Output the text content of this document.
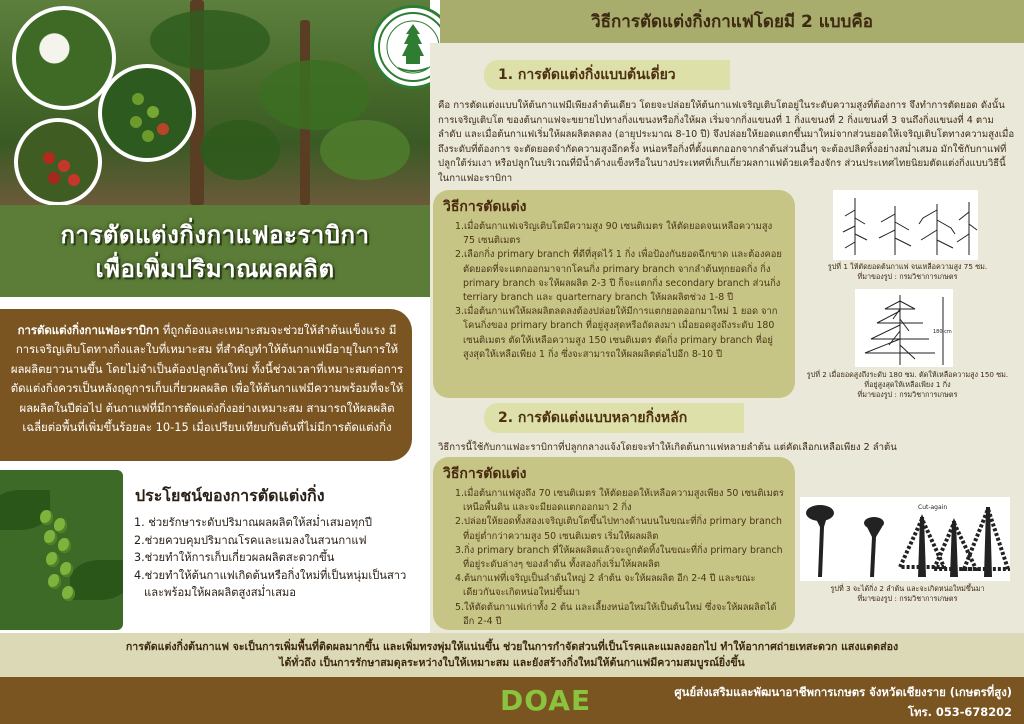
การตัดแต่งกิ่งกาแฟอะราบิกา
เพื่อเพิ่มปริมาณผลผลิต
การตัดแต่งกิ่งกาแฟอะราบิกา ที่ถูกต้องและเหมาะสมจะช่วยให้ลำต้นแข็งแรง มีการเจริญเติบโตทางกิ่งและใบที่เหมาะสม ที่สำคัญทำให้ต้นกาแฟมีอายุในการให้ผลผลิตยาวนานขึ้น โดยไม่จำเป็นต้องปลูกต้นใหม่ ทั้งนี้ช่วงเวลาที่เหมาะสมต่อการตัดแต่งกิ่งควรเป็นหลังฤดูการเก็บเกี่ยวผลผลิต เพื่อให้ต้นกาแฟมีความพร้อมที่จะให้ผลผลิตในปีต่อไป ต้นกาแฟที่มีการตัดแต่งกิ่งอย่างเหมาะสม สามารถให้ผลผลิตเฉลี่ยต่อพื้นที่เพิ่มขึ้นร้อยละ 10-15 เมื่อเปรียบเทียบกับต้นที่ไม่มีการตัดแต่งกิ่ง
ประโยชน์ของการตัดแต่งกิ่ง
1. ช่วยรักษาระดับปริมาณผลผลิตให้สม่ำเสมอทุกปี
2.ช่วยควบคุมปริมาณโรคและแมลงในสวนกาแฟ
3.ช่วยทำให้การเก็บเกี่ยวผลผลิตสะดวกขึ้น
4.ช่วยทำให้ต้นกาแฟเกิดต้นหรือกิ่งใหม่ที่เป็นหนุ่มเป็นสาว และพร้อมให้ผลผลิตสูงสม่ำเสมอ
วิธีการตัดแต่งกิ่งกาแฟโดยมี 2 แบบคือ
1. การตัดแต่งกิ่งแบบต้นเดี่ยว
คือ การตัดแต่งแบบให้ต้นกาแฟมีเพียงลำต้นเดียว โดยจะปล่อยให้ต้นกาแฟเจริญเติบโตอยู่ในระดับความสูงที่ต้องการ จึงทำการตัดยอด ดังนั้น การเจริญเติบโต ของต้นกาแฟจะขยายไปทางกิ่งแขนงหรือกิ่งให้ผล เริ่มจากกิ่งแขนงที่ 1 กิ่งแขนงที่ 2 กิ่งแขนงที่ 3 จนถึงกิ่งแขนงที่ 4 ตามลำดับ และเมื่อต้นกาแฟเริ่มให้ผลผลิตลดลง (อายุประมาณ 8-10 ปี) จึงปล่อยให้ยอดแตกขึ้นมาใหม่จากส่วนยอดให้เจริญเติบโตทางความสูงเมื่อถึงระดับที่ต้องการ จะตัดยอดจำกัดความสูงอีกครั้ง หน่อหรือกิ่งที่ตั้งแตกออกจากลำต้นส่วนอื่นๆ จะต้องปลิดทิ้งอย่างสม่ำเสมอ มักใช้กับกาแฟที่ปลูกใต้ร่มเงา หรือปลูกในบริเวณที่มีน้ำค้างแข็งหรือในบางประเทศที่เก็บเกี่ยวผลกาแฟด้วยเครื่องจักร ส่วนประเทศไทยนิยมตัดแต่งกิ่งแบบวิธีนี้ ในกาแฟอะราบิกา
วิธีการตัดแต่ง
1.เมื่อต้นกาแฟเจริญเติบโตมีความสูง 90 เซนติเมตร ให้ตัดยอดจนเหลือความสูง 75 เซนติเมตร
2.เลือกกิ่ง primary branch ที่ดีที่สุดไว้ 1 กิ่ง เพื่อป้องกันยอดฉีกขาด และต้องคอยตัดยอดที่จะแตกออกมาจากโคนกิ่ง primary branch จากลำต้นทุกยอดกิ่ง กิ่ง primary branch จะให้ผลผลิต 2-3 ปี ก็จะแตกกิ่ง secondary branch ส่วนกิ่ง terriary branch และ quarternary branch ให้ผลผลิตช่วง 1-8 ปี
3.เมื่อต้นกาแฟให้ผลผลิตลดลงต้องปล่อยให้มีการแตกยอดออกมาใหม่ 1 ยอด จากโคนกิ่งของ primary branch ที่อยู่สูงสุดหรือถัดลงมา เมื่อยอดสูงถึงระดับ 180 เซนติเมตร ตัดให้เหลือความสูง 150 เซนติเมตร ตัดกิ่ง primary branch ที่อยู่สูงสุดให้เหลือเพียง 1 กิ่ง ซึ่งจะสามารถให้ผลผลิตต่อไปอีก 8-10 ปี
รูปที่ 1 ให้ตัดยอดต้นกาแฟ จนเหลือความสูง 75 ซม.
ที่มาของรูป : กรมวิชาการเกษตร
180 cm
รูปที่ 2 เมื่อยอดสูงถึงระดับ 180 ซม. ตัดให้เหลือความสูง 150 ซม.
ที่อยู่สูงสุดให้เหลือเพียง 1 กิ่ง
ที่มาของรูป : กรมวิชาการเกษตร
2. การตัดแต่งแบบหลายกิ่งหลัก
วิธีการนี้ใช้กับกาแฟอะราบิกาที่ปลูกกลางแจ้งโดยจะทำให้เกิดต้นกาแฟหลายลำต้น แต่คัดเลือกเหลือเพียง 2 ลำต้น
วิธีการตัดแต่ง
1.เมื่อต้นกาแฟสูงถึง 70 เซนติเมตร ให้ตัดยอดให้เหลือความสูงเพียง 50 เซนติเมตร เหนือพื้นดิน และจะมียอดแตกออกมา 2 กิ่ง
2.ปล่อยให้ยอดทั้งสองเจริญเติบโตขึ้นไปทางด้านบนในขณะที่กิ่ง primary branch ที่อยู่ต่ำกว่าความสูง 50 เซนติเมตร เริ่มให้ผลผลิต
3.กิ่ง primary branch ที่ให้ผลผลิตแล้วจะถูกตัดทิ้งในขณะที่กิ่ง primary branch ที่อยู่ระดับล่างๆ ของลำต้น ทั้งสองกิ่งเริ่มให้ผลผลิต
4.ต้นกาแฟที่เจริญเป็นลำต้นใหญ่ 2 ลำต้น จะให้ผลผลิต อีก 2-4 ปี และขณะเดียวกันจะเกิดหน่อใหม่ขึ้นมา
5.ให้ตัดต้นกาแฟเก่าทั้ง 2 ต้น และเลี้ยงหน่อใหม่ให้เป็นต้นใหม่ ซึ่งจะให้ผลผลิตได้อีก 2-4 ปี
Cut-again
รูปที่ 3 จะได้กิ่ง 2 ลำต้น และจะเกิดหน่อใหม่ขึ้นมา
ที่มาของรูป : กรมวิชาการเกษตร
การตัดแต่งกิ่งต้นกาแฟ จะเป็นการเพิ่มพื้นที่ติดผลมากขึ้น และเพิ่มทรงพุ่มให้แน่นขึ้น ช่วยในการกำจัดส่วนที่เป็นโรคและแมลงออกไป ทำให้อากาศถ่ายเทสะดวก แสงแดดส่องได้ทั่วถึง เป็นการรักษาสมดุลระหว่างใบให้เหมาะสม และยังสร้างกิ่งใหม่ให้ต้นกาแฟมีความสมบูรณ์ยิ่งขึ้น
DOAE	ศูนย์ส่งเสริมและพัฒนาอาชีพการเกษตร จังหวัดเชียงราย (เกษตรที่สูง)
โทร. 053-678202
